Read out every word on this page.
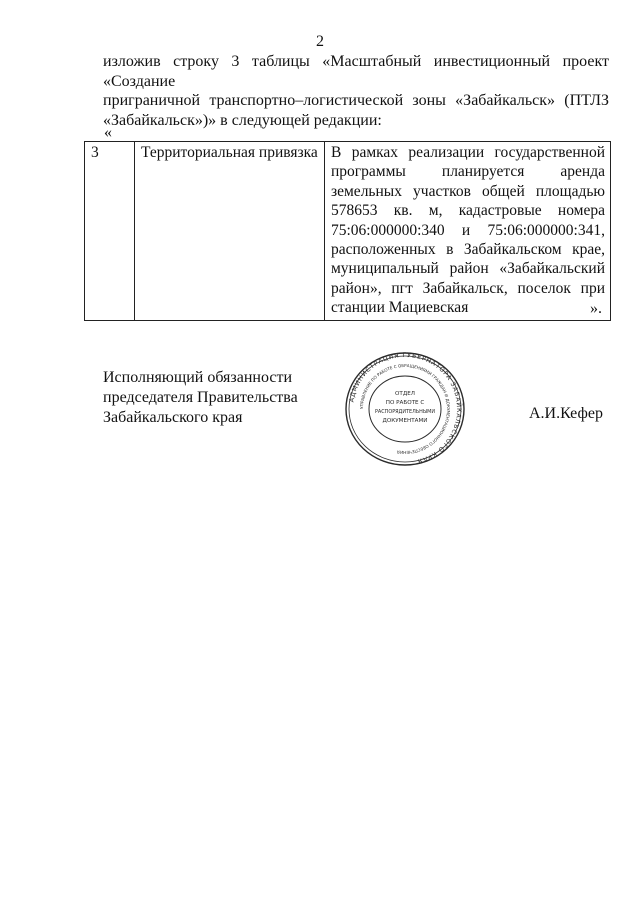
2
изложив строку 3 таблицы «Масштабный инвестиционный проект «Создание
приграничной транспортно–логистической зоны «Забайкальск» (ПТЛЗ
«Забайкальск»)» в следующей редакции:
«
3	Территориальная привязка	В рамках реализации государственной
программы планируется аренда
земельных участков общей площадью
578653 кв. м, кадастровые номера
75:06:000000:340 и 75:06:000000:341,
расположенных в Забайкальском крае,
муниципальный район «Забайкальский
район», пгт Забайкальск, поселок при
станции Мациевская	».
Исполняющий обязанности
председателя Правительства
Забайкальского края
АДМИНИСТРАЦИЯ ГУБЕРНАТОРА ЗАБАЙКАЛЬСКОГО КРАЯ
УПРАВЛЕНИЕ ПО РАБОТЕ С ОБРАЩЕНИЯМИ ГРАЖДАН И ДОКУМЕНТАЦИОННОГО ОБЕСПЕЧЕНИЯ
ОТДЕЛ
ПО РАБОТЕ С
РАСПОРЯДИТЕЛЬНЫМИ
ДОКУМЕНТАМИ	А.И.Кефер
